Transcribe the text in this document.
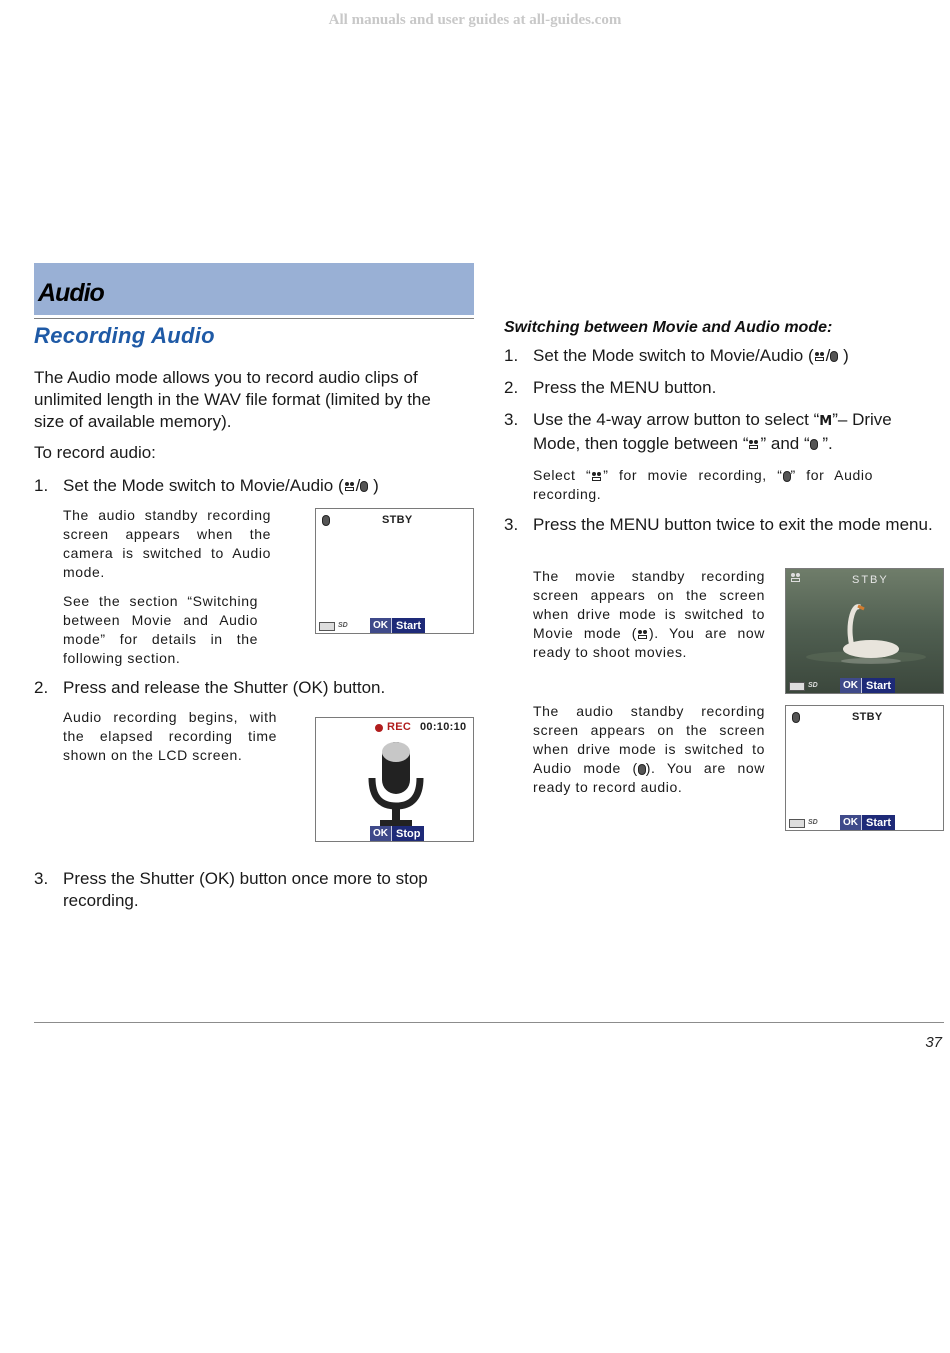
All manuals and user guides at all-guides.com
Audio
Recording Audio
The Audio mode allows you to record audio clips of unlimited length in the WAV file format (limited by the size of available memory).
To record audio:
1. Set the Mode switch to Movie/Audio ( / )
The audio standby recording screen appears when the camera is switched to Audio mode.
See the section “Switching between Movie and Audio mode” for details in the following section.
STBY
SD	OK Start
2. Press and release the Shutter (OK) button.
Audio recording begins, with the elapsed recording time shown on the LCD screen.
REC 00:10:10
OK Stop
3. Press the Shutter (OK) button once more to stop recording.
Switching between Movie and Audio mode:
1. Set the Mode switch to Movie/Audio ( / )
2. Press the MENU button.
3. Use the 4-way arrow button to select “M”– Drive Mode, then toggle between “ ” and “ ”.
Select “ ” for movie recording, “ ” for Audio recording.
3. Press the MENU button twice to exit the mode menu.
The movie standby recording screen appears on the screen when drive mode is switched to Movie mode ( ). You are now ready to shoot movies.
STBY
SD	OK Start
The audio standby recording screen appears on the screen when drive mode is switched to Audio mode ( ). You are now ready to record audio.
STBY
SD	OK Start
37
